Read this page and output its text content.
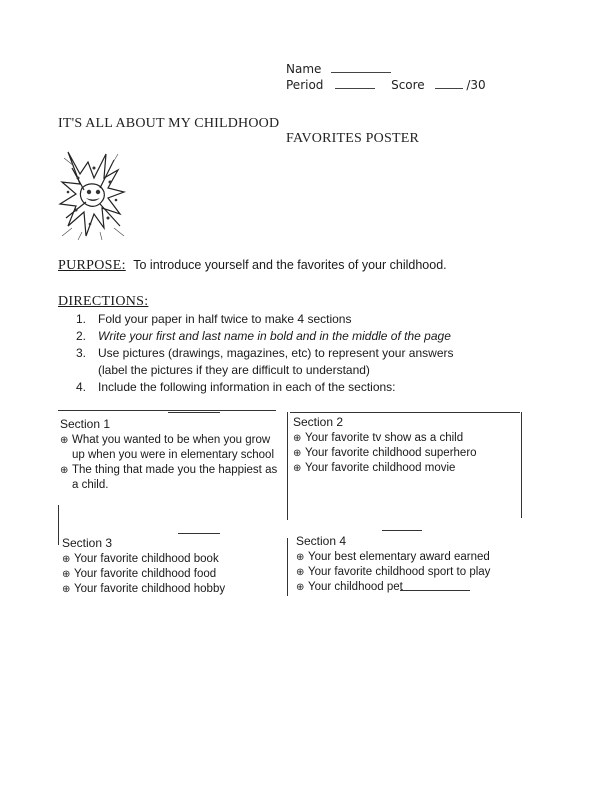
Name
Period	Score	/30
IT'S ALL ABOUT MY CHILDHOOD
FAVORITES POSTER
PURPOSE: To introduce yourself and the favorites of your childhood.
DIRECTIONS:
1. Fold your paper in half twice to make 4 sections
2. Write your first and last name in bold and in the middle of the page
3. Use pictures (drawings, magazines, etc) to represent your answers
(label the pictures if they are difficult to understand)
4. Include the following information in each of the sections:
Section 1
⊕ What you wanted to be when you grow up when you were in elementary school
⊕ The thing that made you the happiest as a child.
Section 2
⊕ Your favorite tv show as a child
⊕ Your favorite childhood superhero
⊕ Your favorite childhood movie
Section 3
⊕ Your favorite childhood book
⊕ Your favorite childhood food
⊕ Your favorite childhood hobby
Section 4
⊕ Your best elementary award earned
⊕ Your favorite childhood sport to play
⊕ Your childhood pet
